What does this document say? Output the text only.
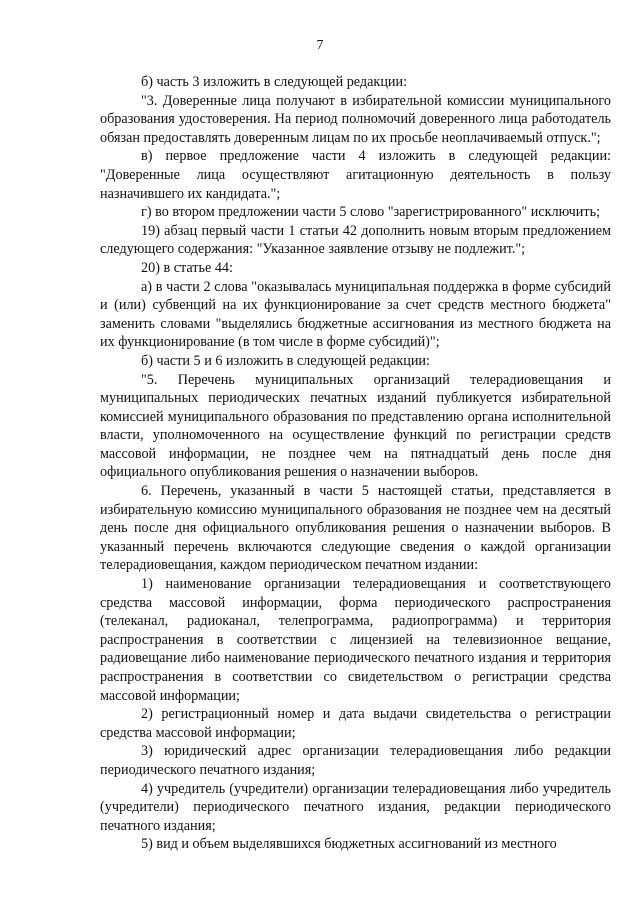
7

б) часть 3 изложить в следующей редакции:

"3. Доверенные лица получают в избирательной комиссии муниципального образования удостоверения. На период полномочий доверенного лица работодатель обязан предоставлять доверенным лицам по их просьбе неоплачиваемый отпуск.";

в) первое предложение части 4 изложить в следующей редакции: "Доверенные лица осуществляют агитационную деятельность в пользу назначившего их кандидата.";

г) во втором предложении части 5 слово "зарегистрированного" исключить;

19) абзац первый части 1 статьи 42 дополнить новым вторым предложением следующего содержания: "Указанное заявление отзыву не подлежит.";

20) в статье 44:

а) в части 2 слова "оказывалась муниципальная поддержка в форме субсидий и (или) субвенций на их функционирование за счет средств местного бюджета" заменить словами "выделялись бюджетные ассигнования из местного бюджета на их функционирование (в том числе в форме субсидий)";

б) части 5 и 6 изложить в следующей редакции:

"5. Перечень муниципальных организаций телерадиовещания и муниципальных периодических печатных изданий публикуется избирательной комиссией муниципального образования по представлению органа исполнительной власти, уполномоченного на осуществление функций по регистрации средств массовой информации, не позднее чем на пятнадцатый день после дня официального опубликования решения о назначении выборов.

6. Перечень, указанный в части 5 настоящей статьи, представляется в избирательную комиссию муниципального образования не позднее чем на десятый день после дня официального опубликования решения о назначении выборов. В указанный перечень включаются следующие сведения о каждой организации телерадиовещания, каждом периодическом печатном издании:

1) наименование организации телерадиовещания и соответствующего средства массовой информации, форма периодического распространения (телеканал, радиоканал, телепрограмма, радиопрограмма) и территория распространения в соответствии с лицензией на телевизионное вещание, радиовещание либо наименование периодического печатного издания и территория распространения в соответствии со свидетельством о регистрации средства массовой информации;

2) регистрационный номер и дата выдачи свидетельства о регистрации средства массовой информации;

3) юридический адрес организации телерадиовещания либо редакции периодического печатного издания;

4) учредитель (учредители) организации телерадиовещания либо учредитель (учредители) периодического печатного издания, редакции периодического печатного издания;

5) вид и объем выделявшихся бюджетных ассигнований из местного
